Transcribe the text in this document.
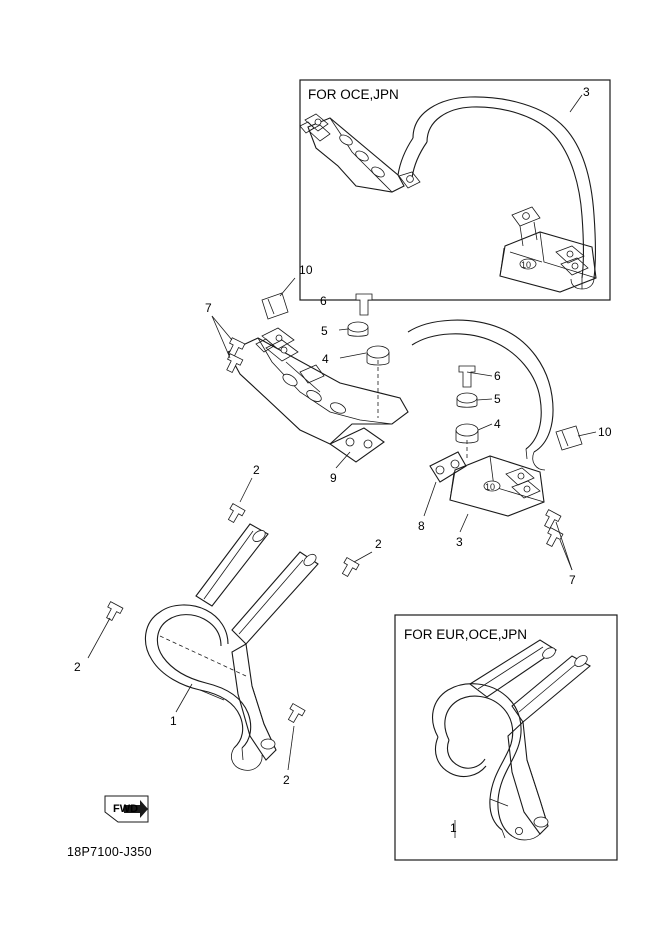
10
10
FOR OCE,JPN
FOR EUR,OCE,JPN
3
10
7	6
5
4
6
5
4
10
9
8
3
7
2
2
2
2
1
1
FWD
18P7100-J350
